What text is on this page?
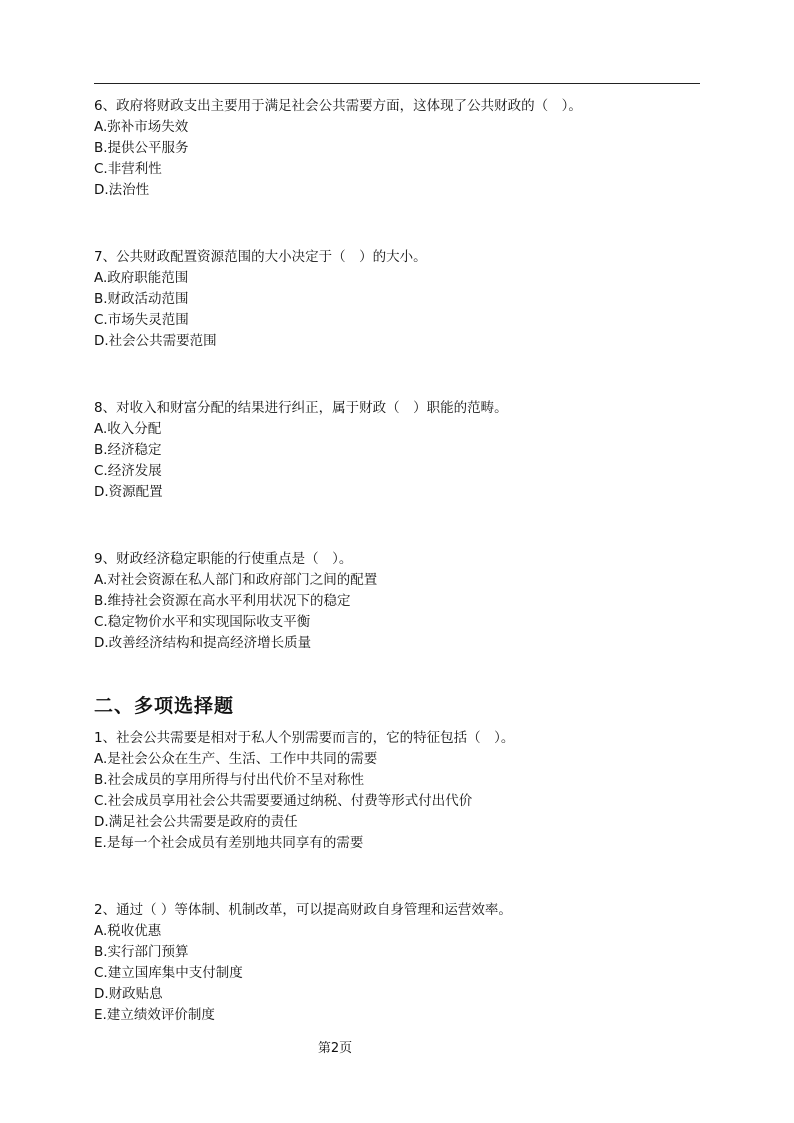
6、政府将财政支出主要用于满足社会公共需要方面，这体现了公共财政的（　）。

A.弥补市场失效

B.提供公平服务

C.非营利性

D.法治性

7、公共财政配置资源范围的大小决定于（　）的大小。

A.政府职能范围

B.财政活动范围

C.市场失灵范围

D.社会公共需要范围

8、对收入和财富分配的结果进行纠正，属于财政（　）职能的范畴。

A.收入分配

B.经济稳定

C.经济发展

D.资源配置

9、财政经济稳定职能的行使重点是（　）。

A.对社会资源在私人部门和政府部门之间的配置

B.维持社会资源在高水平利用状况下的稳定

C.稳定物价水平和实现国际收支平衡

D.改善经济结构和提高经济增长质量

二、多项选择题

1、社会公共需要是相对于私人个别需要而言的，它的特征包括（　）。

A.是社会公众在生产、生活、工作中共同的需要

B.社会成员的享用所得与付出代价不呈对称性

C.社会成员享用社会公共需要要通过纳税、付费等形式付出代价

D.满足社会公共需要是政府的责任

E.是每一个社会成员有差别地共同享有的需要

2、通过（ ）等体制、机制改革，可以提高财政自身管理和运营效率。

A.税收优惠

B.实行部门预算

C.建立国库集中支付制度

D.财政贴息

E.建立绩效评价制度

第2页
